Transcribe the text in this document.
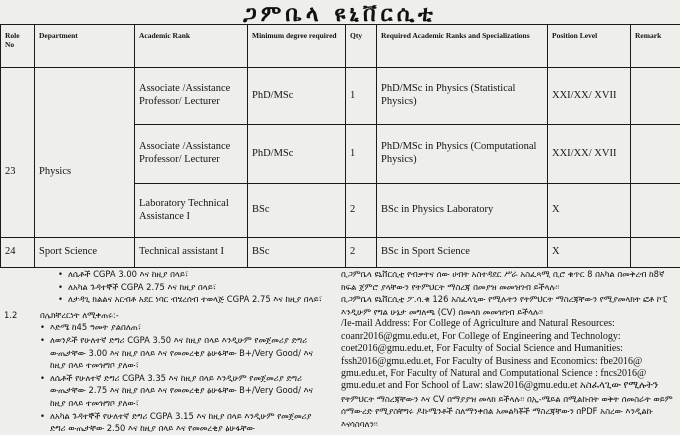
ጋምቤላ ዩኒቨርሲቲ
Role No	Department	Academic Rank	Minimum degree required	Qty	Required Academic Ranks and Specializations	Position Level	Remark
23	Physics	Associate /Assistance Professor/ Lecturer	PhD/MSc	1	PhD/MSc in Physics (Statistical Physics)	XXI/XX/ XVII	
		Associate /Assistance Professor/ Lecturer	PhD/MSc	1	PhD/MSc in Physics (Computational Physics)	XXI/XX/ XVII	
		Laboratory Technical Assistance I	BSc	2	BSc in Physics Laboratory	X	
24	Sport Science	Technical assistant I	BSc	2	BSc in Sport Science	X	
• ለሴቶች CGPA 3.00 እና ከዚያ በላይ፣
• ለአካል ጉዳተኞች CGPA 2.75 እና ከዚያ በላይ፣
• ለታዳጊ ክልልና አርብቶ አደር ነባር ብሄረሰብ ተወላጅ CGPA 2.75 እና ከዚያ በላይ፣
1.2	በሌክቸረርነት ለሚቀጠሩ:-
• እድሜ ከ45 ዓመት ያልበለጠ፣
• ለወንዶች የሁለተኛ ድግሪ CGPA 3.50 እና ከዚያ በላይ እንዲሁም የመጀመሪያ ድግሪ ውጤታቸው 3.00 እና ከዚያ በላይ እና የመመረቂያ ፅሁፋቸው B+/Very Good/ እና ከዚያ በላይ ተመዝግቦ ያለው፣
• ለሴቶች የሁለተኛ ድግሪ CGPA 3.35 እና ከዚያ በላይ እንዲሁም የመጀመሪያ ድግሪ ውጤታቸው 2.75 እና ከዚያ በላይ እና የመመረቂያ ፅሁፋቸው B+/Very Good/ እና ከዚያ በላይ ተመዝግቦ ያለው፣
• ለአካል ጉዳተኞች የሁለተኛ ድግሪ CGPA 3.15 እና ከዚያ በላይ እንዲሁም የመጀመሪያ ድግሪ ውጤታቸው 2.50 እና ከዚያ በላይ እና የመመረቂያ ፅሁፋቸው
ቢጋምቤላ ዩኒቨርሲቲ የብቃትና ሰው ሀብት አስተዳደር ሥራ አስፈጻሚ ቢሮ ቁጥር 8 በአካል በመቅረብ ከ8ኛ ክፍል ጀምሮ ያላቸውን የትምህርት ማስረጃ በመያዝ መመዝገብ ይችላሉ፡፡
ቢጋምቤላ ዩኒቨርሲቲ ፖ.ሳ.ቁ 126 አስፈላጊው የሚሉትን የትምህርት ማስረጃቸውን የሚያመላክት ፎቶ ኮፒ እንዲሁም የግል ሁኔታ መግለጫ (CV) በመላክ መመዝገብ ይችላሉ፡፡
/Ie-mail Address: For College of Agriculture and Natural Resources:
coanr2016@gmu.edu.et, For College of Engineering and Technology:
coet2016@gmu.edu.et, For Faculty of Social Science and Humanities:
fssh2016@gmu.edu.et, For Faculty of Business and Economics: fbe2016@
gmu.edu.et, For Faculty of Natural and Computational Science : fncs2016@
gmu.edu.et and For School of Law: slaw2016@gmu.edu.et አስፈላጊው የሚሉትን
የትምህርት ማስረጃቸውን እና CV በማያያዝ መላክ ይችላሉ፡፡ በኢ-ሜይል በሚልኩበት ወቅት ሰመስራት ወይም ሰማውረድ የሚያስቸግሩ ዶኩሜንቶች ስለማንቀበል አመልካቾች ማስረጃቸውን በPDF አስረው እንዲልኩ እናሳስባለን፡፡
